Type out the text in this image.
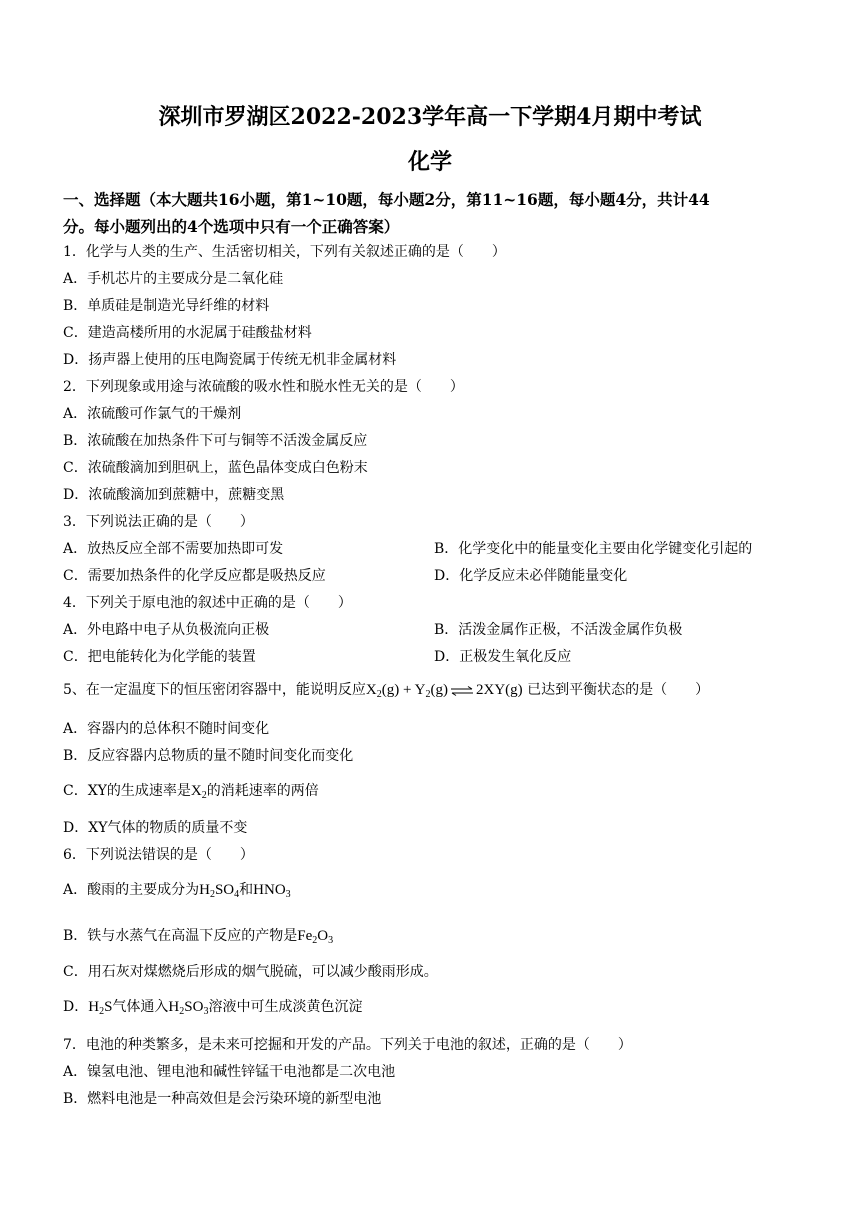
深圳市罗湖区2022-2023学年高一下学期4月期中考试
化学
一、选择题（本大题共16小题，第1~10题，每小题2分，第11~16题，每小题4分，共计44
分。每小题列出的4个选项中只有一个正确答案）
1．化学与人类的生产、生活密切相关，下列有关叙述正确的是（　　）
A．手机芯片的主要成分是二氧化硅
B．单质硅是制造光导纤维的材料
C．建造高楼所用的水泥属于硅酸盐材料
D．扬声器上使用的压电陶瓷属于传统无机非金属材料
2．下列现象或用途与浓硫酸的吸水性和脱水性无关的是（　　）
A．浓硫酸可作氯气的干燥剂
B．浓硫酸在加热条件下可与铜等不活泼金属反应
C．浓硫酸滴加到胆矾上，蓝色晶体变成白色粉末
D．浓硫酸滴加到蔗糖中，蔗糖变黑
3．下列说法正确的是（　　）
A．放热反应全部不需要加热即可发	B．化学变化中的能量变化主要由化学键变化引起的
C．需要加热条件的化学反应都是吸热反应	D．化学反应未必伴随能量变化
4．下列关于原电池的叙述中正确的是（　　）
A．外电路中电子从负极流向正极	B．活泼金属作正极，不活泼金属作负极
C．把电能转化为化学能的装置	D．正极发生氧化反应
5、在一定温度下的恒压密闭容器中，能说明反应$X_2(g) + Y_2(g)$ ⇌ 2XY(g) 已达到平衡状态的是（　　）
A．容器内的总体积不随时间变化
B．反应容器内总物质的量不随时间变化而变化
C．XY的生成速率是$X_2$的消耗速率的两倍
D．XY气体的物质的质量不变
6．下列说法错误的是（　　）
A．酸雨的主要成分为$H_2SO_4$和$HNO_3$
B．铁与水蒸气在高温下反应的产物是$Fe_2O_3$
C．用石灰对煤燃烧后形成的烟气脱硫，可以减少酸雨形成。
D．$H_2S$气体通入$H_2SO_3$溶液中可生成淡黄色沉淀
7．电池的种类繁多，是未来可挖掘和开发的产品。下列关于电池的叙述，正确的是（　　）
A．镍氢电池、锂电池和碱性锌锰干电池都是二次电池
B．燃料电池是一种高效但是会污染环境的新型电池
